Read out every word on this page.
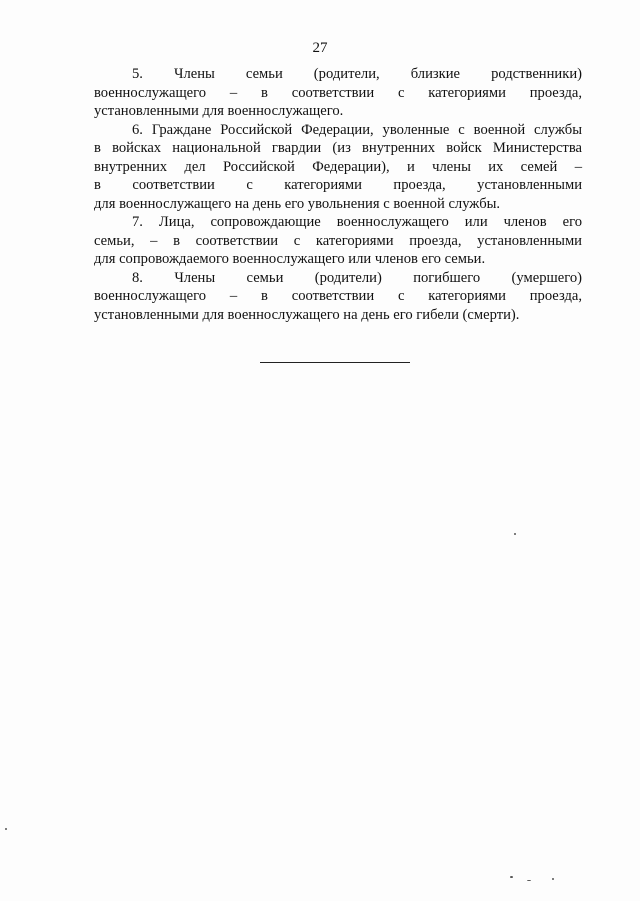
27

5. Члены семьи (родители, близкие родственники)
военнослужащего – в соответствии с категориями проезда,
установленными для военнослужащего.

6. Граждане Российской Федерации, уволенные с военной службы
в войсках национальной гвардии (из внутренних войск Министерства
внутренних дел Российской Федерации), и члены их семей –
в соответствии с категориями проезда, установленными
для военнослужащего на день его увольнения с военной службы.

7. Лица, сопровождающие военнослужащего или членов его
семьи, – в соответствии с категориями проезда, установленными
для сопровождаемого военнослужащего или членов его семьи.

8. Члены семьи (родители) погибшего (умершего)
военнослужащего – в соответствии с категориями проезда,
установленными для военнослужащего на день его гибели (смерти).
